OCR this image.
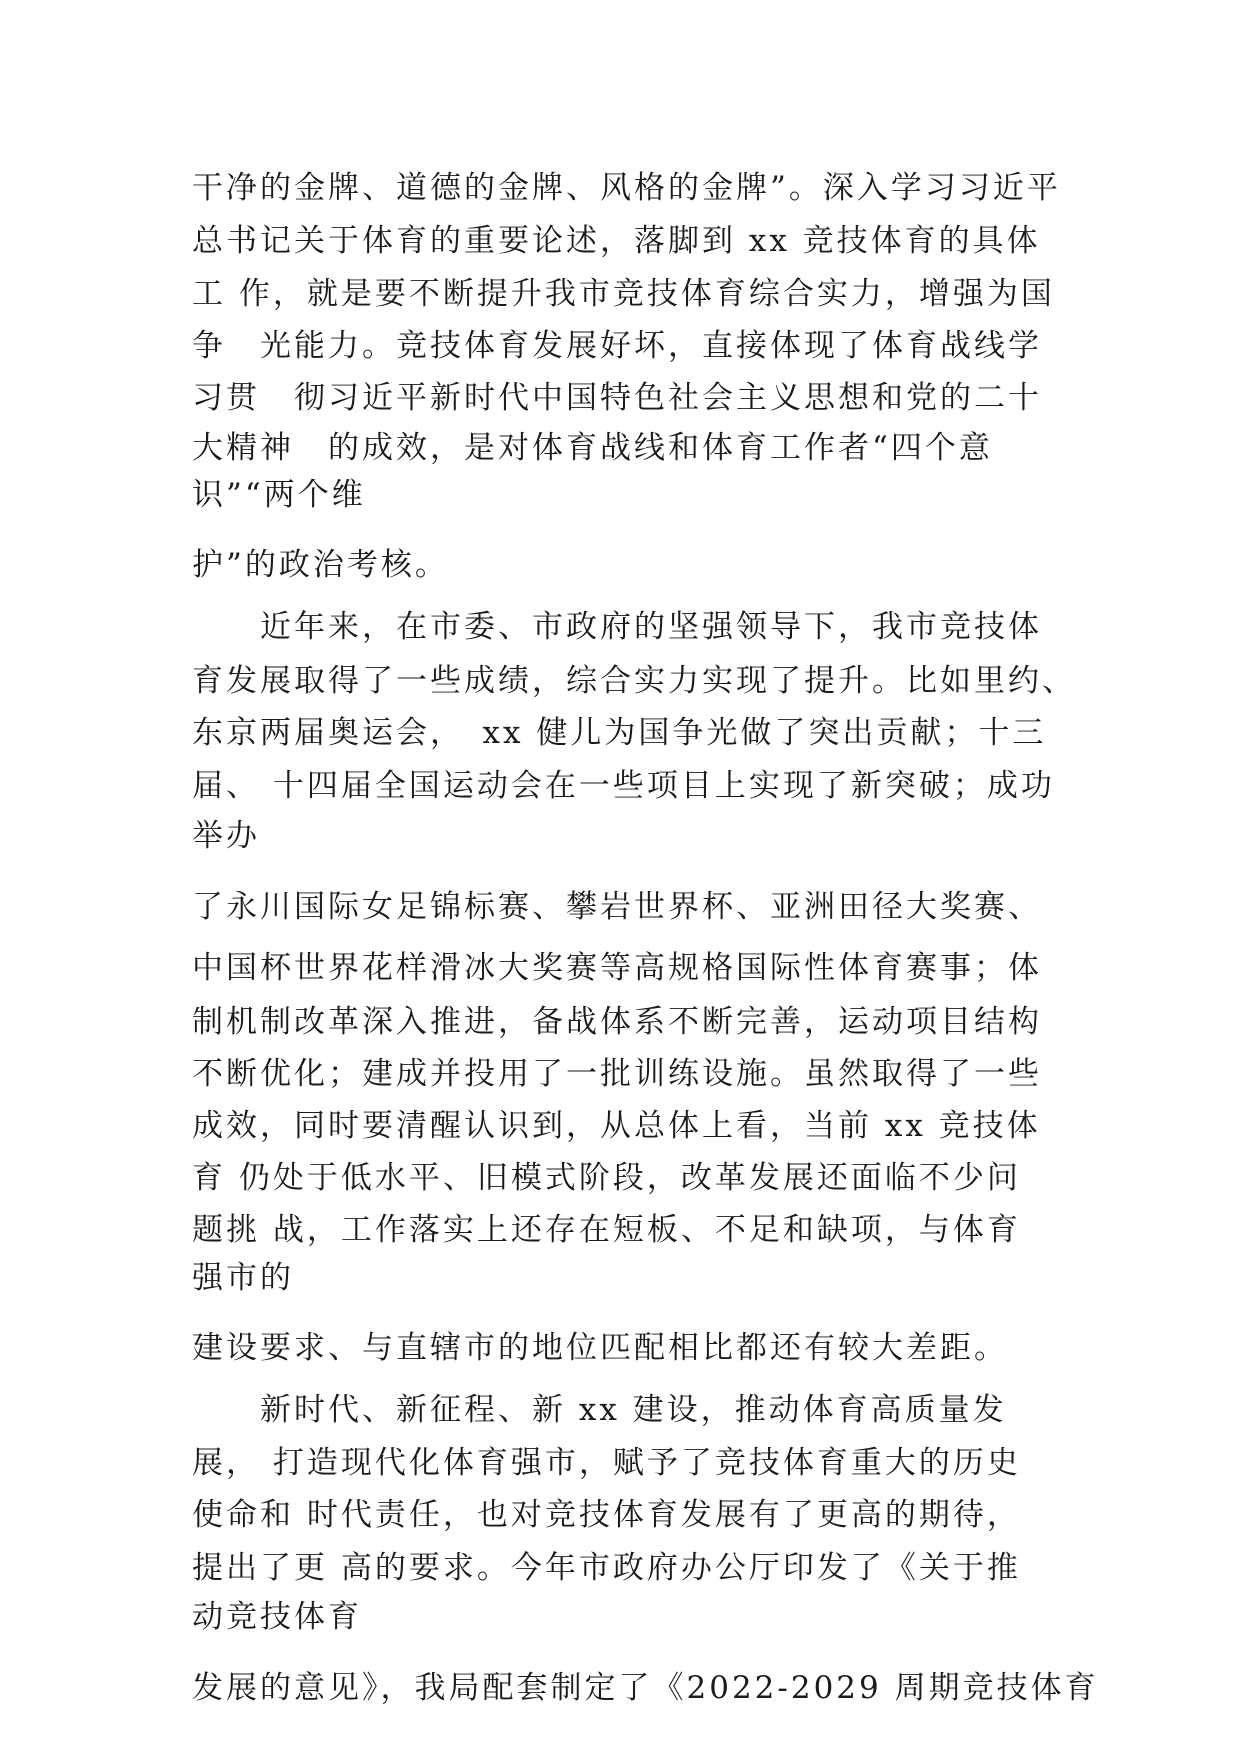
干净的金牌、道德的金牌、风格的金牌”。深入学习习近平
总书记关于体育的重要论述，落脚到 xx 竞技体育的具体
工 作，就是要不断提升我市竞技体育综合实力，增强为国
争　光能力。竞技体育发展好坏，直接体现了体育战线学
习贯　彻习近平新时代中国特色社会主义思想和党的二十
大精神　的成效，是对体育战线和体育工作者“四个意
识”“两个维
护”的政治考核。
　　近年来，在市委、市政府的坚强领导下，我市竞技体
育发展取得了一些成绩，综合实力实现了提升。比如里约、
东京两届奥运会，　xx 健儿为国争光做了突出贡献；十三
届、 十四届全国运动会在一些项目上实现了新突破；成功
举办
了永川国际女足锦标赛、攀岩世界杯、亚洲田径大奖赛、
中国杯世界花样滑冰大奖赛等高规格国际性体育赛事；体
制机制改革深入推进，备战体系不断完善，运动项目结构
不断优化；建成并投用了一批训练设施。虽然取得了一些
成效，同时要清醒认识到，从总体上看，当前 xx 竞技体
育 仍处于低水平、旧模式阶段，改革发展还面临不少问
题挑 战，工作落实上还存在短板、不足和缺项，与体育
强市的
建设要求、与直辖市的地位匹配相比都还有较大差距。
　　新时代、新征程、新 xx 建设，推动体育高质量发
展， 打造现代化体育强市，赋予了竞技体育重大的历史
使命和 时代责任，也对竞技体育发展有了更高的期待，
提出了更 高的要求。今年市政府办公厅印发了《关于推
动竞技体育
发展的意见》，我局配套制定了《2022-2029 周期竞技体育
